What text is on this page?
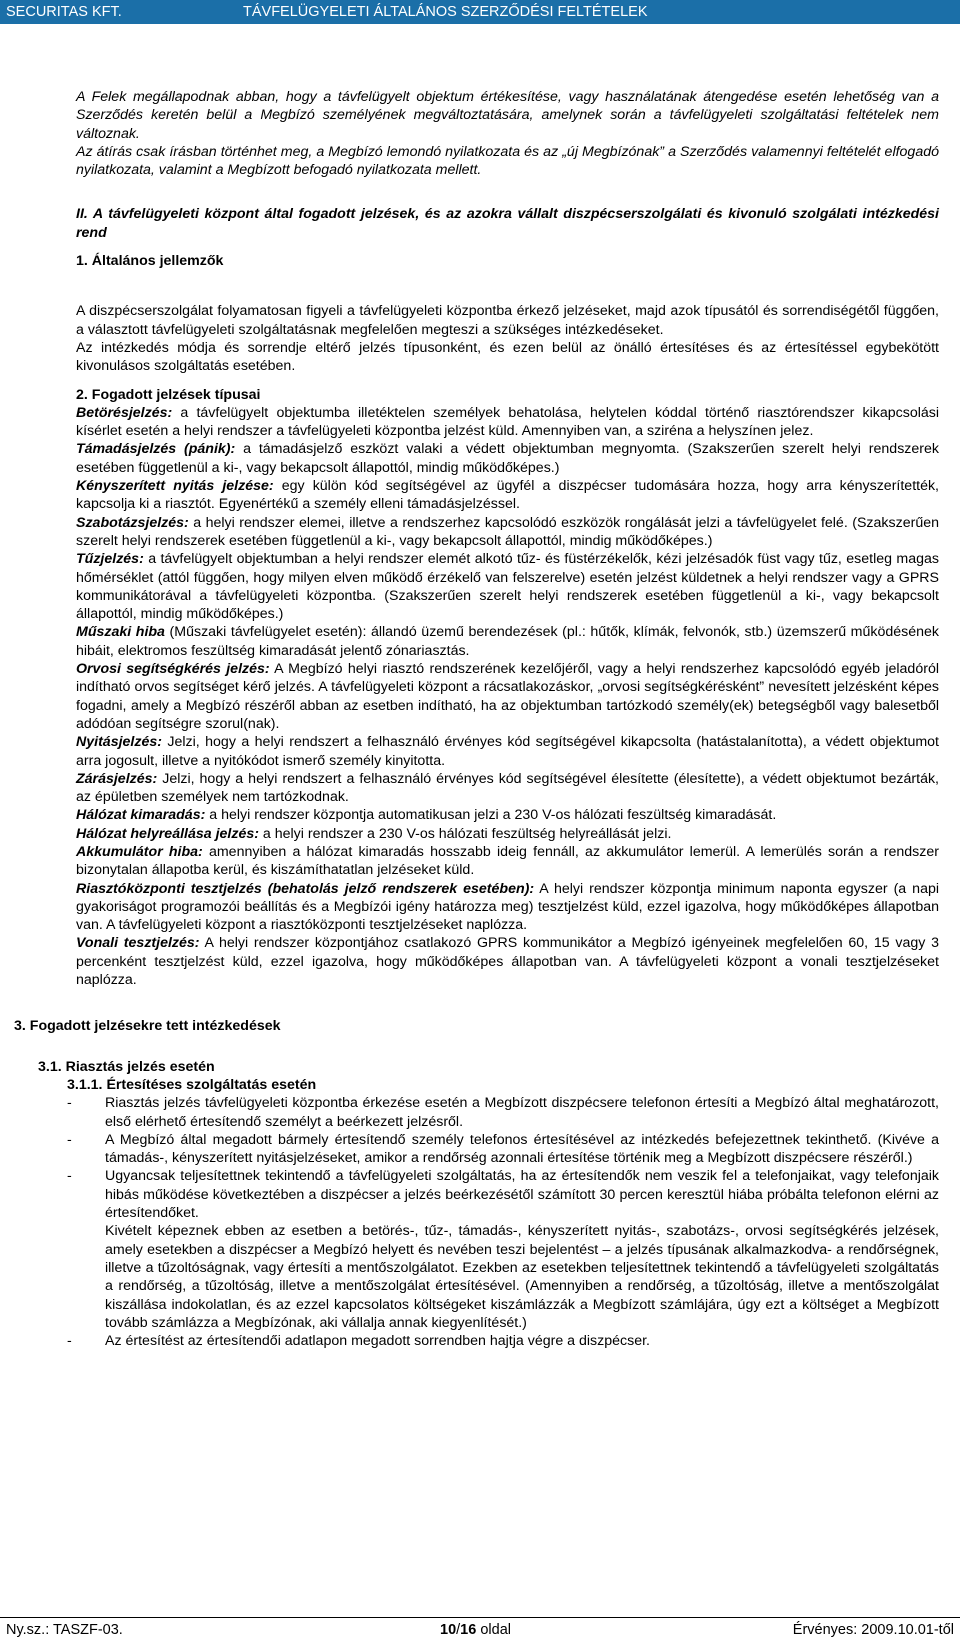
SECURITAS KFT.	TÁVFELÜGYELETI ÁLTALÁNOS SZERZŐDÉSI FELTÉTELEK

A Felek megállapodnak abban, hogy a távfelügyelt objektum értékesítése, vagy használatának átengedése esetén lehetőség van a Szerződés keretén belül a Megbízó személyének megváltoztatására, amelynek során a távfelügyeleti szolgáltatási feltételek nem változnak.

Az átírás csak írásban történhet meg, a Megbízó lemondó nyilatkozata és az „új Megbízónak” a Szerződés valamennyi feltételét elfogadó nyilatkozata, valamint a Megbízott befogadó nyilatkozata mellett.

II. A távfelügyeleti központ által fogadott jelzések, és az azokra vállalt diszpécserszolgálati és kivonuló szolgálati intézkedési rend

1. Általános jellemzők

A diszpécserszolgálat folyamatosan figyeli a távfelügyeleti központba érkező jelzéseket, majd azok típusától és sorrendiségétől függően, a választott távfelügyeleti szolgáltatásnak megfelelően megteszi a szükséges intézkedéseket.

Az intézkedés módja és sorrendje eltérő jelzés típusonként, és ezen belül az önálló értesítéses és az értesítéssel egybekötött kivonulásos szolgáltatás esetében.

2. Fogadott jelzések típusai

Betörésjelzés: a távfelügyelt objektumba illetéktelen személyek behatolása, helytelen kóddal történő riasztórendszer kikapcsolási kísérlet esetén a helyi rendszer a távfelügyeleti központba jelzést küld. Amennyiben van, a sziréna a helyszínen jelez.

Támadásjelzés (pánik): a támadásjelző eszközt valaki a védett objektumban megnyomta. (Szakszerűen szerelt helyi rendszerek esetében függetlenül a ki-, vagy bekapcsolt állapottól, mindig működőképes.)

Kényszerített nyitás jelzése: egy külön kód segítségével az ügyfél a diszpécser tudomására hozza, hogy arra kényszerítették, kapcsolja ki a riasztót. Egyenértékű a személy elleni támadásjelzéssel.

Szabotázsjelzés: a helyi rendszer elemei, illetve a rendszerhez kapcsolódó eszközök rongálását jelzi a távfelügyelet felé. (Szakszerűen szerelt helyi rendszerek esetében függetlenül a ki-, vagy bekapcsolt állapottól, mindig működőképes.)

Tűzjelzés: a távfelügyelt objektumban a helyi rendszer elemét alkotó tűz- és füstérzékelők, kézi jelzésadók füst vagy tűz, esetleg magas hőmérséklet (attól függően, hogy milyen elven működő érzékelő van felszerelve) esetén jelzést küldetnek a helyi rendszer vagy a GPRS kommunikátorával a távfelügyeleti központba. (Szakszerűen szerelt helyi rendszerek esetében függetlenül a ki-, vagy bekapcsolt állapottól, mindig működőképes.)

Műszaki hiba (Műszaki távfelügyelet esetén): állandó üzemű berendezések (pl.: hűtők, klímák, felvonók, stb.) üzemszerű működésének hibáit, elektromos feszültség kimaradását jelentő zónariasztás.

Orvosi segítségkérés jelzés: A Megbízó helyi riasztó rendszerének kezelőjéről, vagy a helyi rendszerhez kapcsolódó egyéb jeladóról indítható orvos segítséget kérő jelzés. A távfelügyeleti központ a rácsatlakozáskor, „orvosi segítségkérésként” nevesített jelzésként képes fogadni, amely a Megbízó részéről abban az esetben indítható, ha az objektumban tartózkodó személy(ek) betegségből vagy balesetből adódóan segítségre szorul(nak).

Nyitásjelzés: Jelzi, hogy a helyi rendszert a felhasználó érvényes kód segítségével kikapcsolta (hatástalanította), a védett objektumot arra jogosult, illetve a nyitókódot ismerő személy kinyitotta.

Zárásjelzés: Jelzi, hogy a helyi rendszert a felhasználó érvényes kód segítségével élesítette (élesítette), a védett objektumot bezárták, az épületben személyek nem tartózkodnak.

Hálózat kimaradás: a helyi rendszer központja automatikusan jelzi a 230 V-os hálózati feszültség kimaradását.

Hálózat helyreállása jelzés: a helyi rendszer a 230 V-os hálózati feszültség helyreállását jelzi.

Akkumulátor hiba: amennyiben a hálózat kimaradás hosszabb ideig fennáll, az akkumulátor lemerül. A lemerülés során a rendszer bizonytalan állapotba kerül, és kiszámíthatatlan jelzéseket küld.

Riasztóközponti tesztjelzés (behatolás jelző rendszerek esetében): A helyi rendszer központja minimum naponta egyszer (a napi gyakoriságot programozói beállítás és a Megbízói igény határozza meg) tesztjelzést küld, ezzel igazolva, hogy működőképes állapotban van. A távfelügyeleti központ a riasztóközponti tesztjelzéseket naplózza.

Vonali tesztjelzés: A helyi rendszer központjához csatlakozó GPRS kommunikátor a Megbízó igényeinek megfelelően 60, 15 vagy 3 percenként tesztjelzést küld, ezzel igazolva, hogy működőképes állapotban van. A távfelügyeleti központ a vonali tesztjelzéseket naplózza.

3. Fogadott jelzésekre tett intézkedések

3.1. Riasztás jelzés esetén

3.1.1. Értesítéses szolgáltatás esetén

- Riasztás jelzés távfelügyeleti központba érkezése esetén a Megbízott diszpécsere telefonon értesíti a Megbízó által meghatározott, első elérhető értesítendő személyt a beérkezett jelzésről.
- A Megbízó által megadott bármely értesítendő személy telefonos értesítésével az intézkedés befejezettnek tekinthető. (Kivéve a támadás-, kényszerített nyitásjelzéseket, amikor a rendőrség azonnali értesítése történik meg a Megbízott diszpécsere részéről.)
- Ugyancsak teljesítettnek tekintendő a távfelügyeleti szolgáltatás, ha az értesítendők nem veszik fel a telefonjaikat, vagy telefonjaik hibás működése következtében a diszpécser a jelzés beérkezésétől számított 30 percen keresztül hiába próbálta telefonon elérni az értesítendőket.
Kivételt képeznek ebben az esetben a betörés-, tűz-, támadás-, kényszerített nyitás-, szabotázs-, orvosi segítségkérés jelzések, amely esetekben a diszpécser a Megbízó helyett és nevében teszi bejelentést – a jelzés típusának alkalmazkodva- a rendőrségnek, illetve a tűzoltóságnak, vagy értesíti a mentőszolgálatot. Ezekben az esetekben teljesítettnek tekintendő a távfelügyeleti szolgáltatás a rendőrség, a tűzoltóság, illetve a mentőszolgálat értesítésével. (Amennyiben a rendőrség, a tűzoltóság, illetve a mentőszolgálat kiszállása indokolatlan, és az ezzel kapcsolatos költségeket kiszámlázzák a Megbízott számlájára, úgy ezt a költséget a Megbízott tovább számlázza a Megbízónak, aki vállalja annak kiegyenlítését.)
- Az értesítést az értesítendői adatlapon megadott sorrendben hajtja végre a diszpécser.
Ny.sz.: TASZF-03.	10/16 oldal	Érvényes: 2009.10.01-től
